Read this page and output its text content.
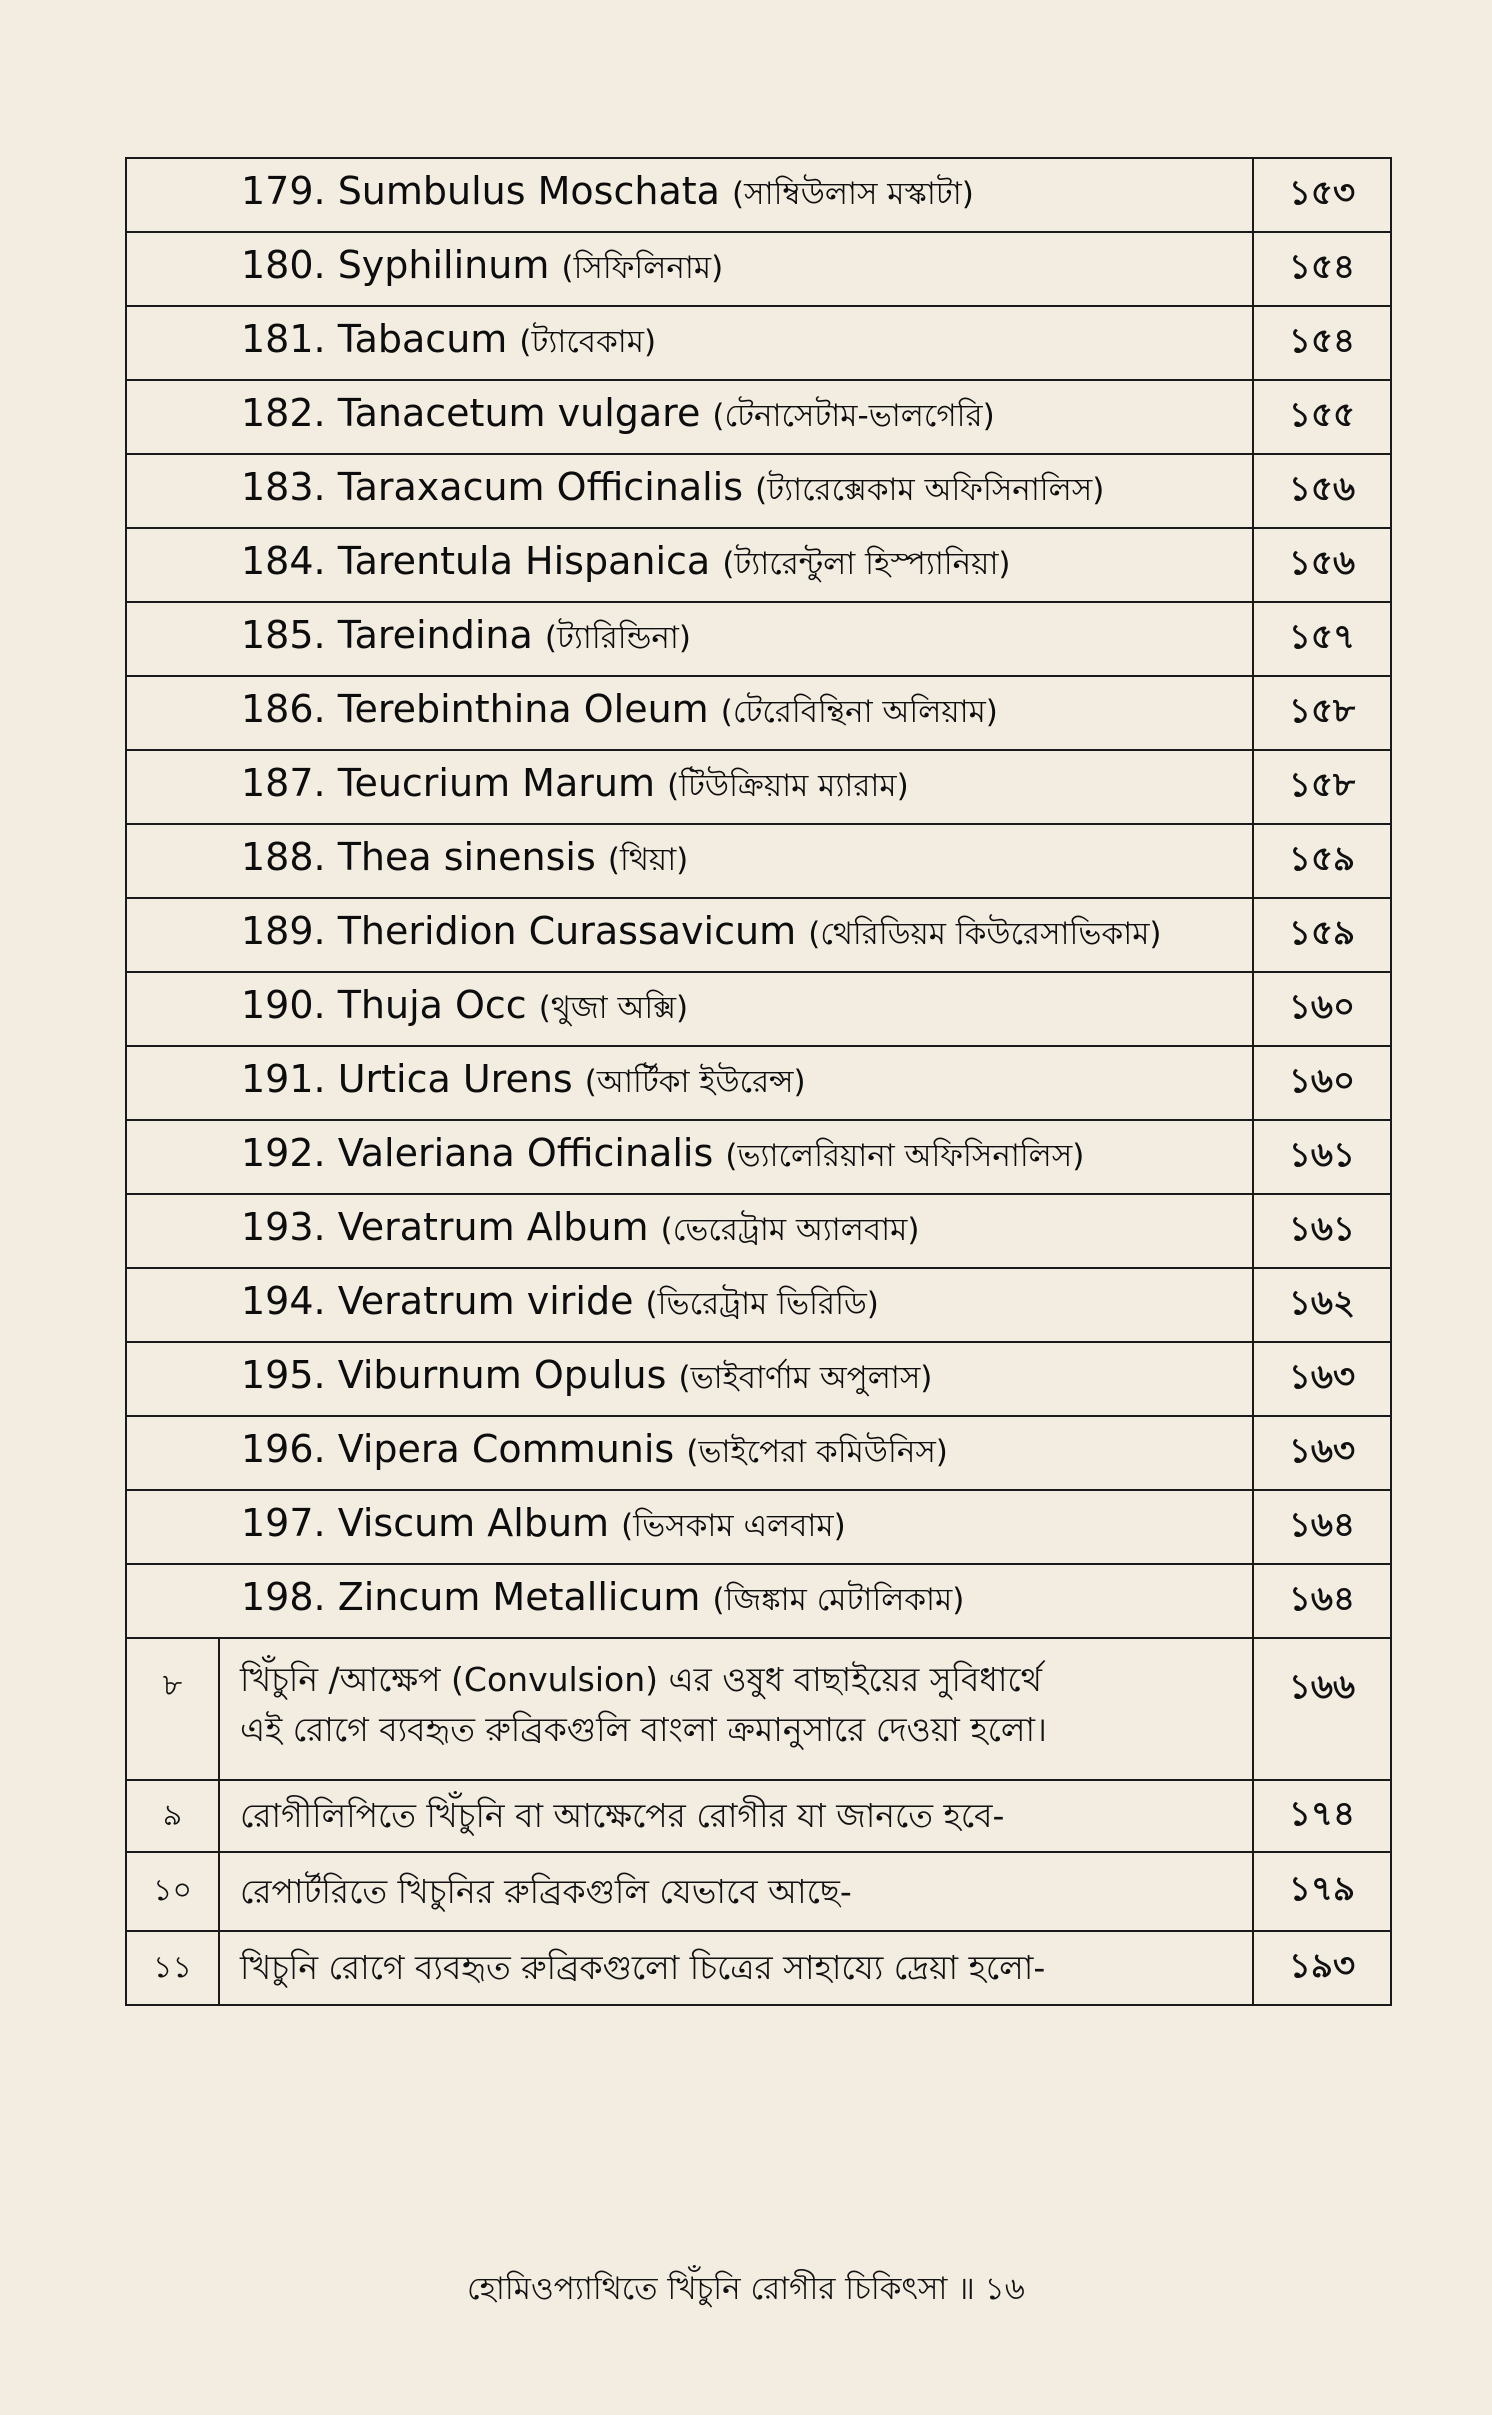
179. Sumbulus Moschata (সাম্বিউলাস মস্কাটা)		১৫৩
180. Syphilinum (সিফিলিনাম)		১৫৪
181. Tabacum (ট্যাবেকাম)		১৫৪
182. Tanacetum vulgare (টেনাসেটাম-ভালগেরি)		১৫৫
183. Taraxacum Officinalis (ট্যারেক্সেকাম অফিসিনালিস)		১৫৬
184. Tarentula Hispanica (ট্যারেন্টুলা হিস্প্যানিয়া)		১৫৬
185. Tareindina (ট্যারিন্ডিনা)		১৫৭
186. Terebinthina Oleum (টেরেবিন্থিনা অলিয়াম)		১৫৮
187. Teucrium Marum (টিউক্রিয়াম ম্যারাম)		১৫৮
188. Thea sinensis (থিয়া)		১৫৯
189. Theridion Curassavicum (থেরিডিয়ম কিউরেসাভিকাম)		১৫৯
190. Thuja Occ (থুজা অক্সি)		১৬০
191. Urtica Urens (আর্টিকা ইউরেন্স)		১৬০
192. Valeriana Officinalis (ভ্যালেরিয়ানা অফিসিনালিস)		১৬১
193. Veratrum Album (ভেরেট্রাম অ্যালবাম)		১৬১
194. Veratrum viride (ভিরেট্রাম ভিরিডি)		১৬২
195. Viburnum Opulus (ভাইবার্ণাম অপুলাস)		১৬৩
196. Vipera Communis (ভাইপেরা কমিউনিস)		১৬৩
197. Viscum Album (ভিসকাম এলবাম)		১৬৪
198. Zincum Metallicum (জিঙ্কাম মেটালিকাম)		১৬৪
৮	খিঁচুনি /আক্ষেপ (Convulsion) এর ওষুধ বাছাইয়ের সুবিধার্থে
এই রোগে ব্যবহৃত রুব্রিকগুলি বাংলা ক্রমানুসারে দেওয়া হলো।	১৬৬
৯	রোগীলিপিতে খিঁচুনি বা আক্ষেপের রোগীর যা জানতে হবে-	১৭৪
১০	রেপার্টরিতে খিচুনির রুব্রিকগুলি যেভাবে আছে-	১৭৯
১১	খিচুনি রোগে ব্যবহৃত রুব্রিকগুলো চিত্রের সাহায্যে দ্রেয়া হলো-	১৯৩
হোমিওপ্যাথিতে খিঁচুনি রোগীর চিকিৎসা ॥ ১৬
